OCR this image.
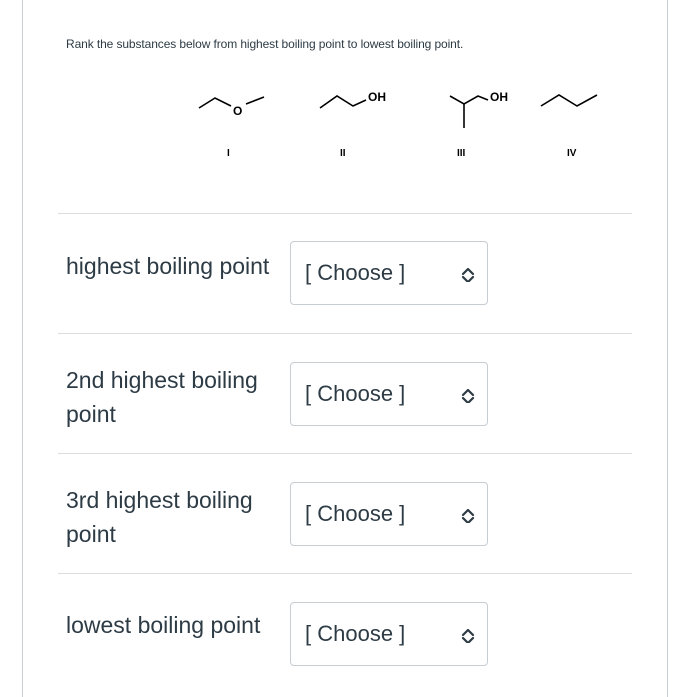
Rank the substances below from highest boiling point to lowest boiling point.
O
I
OH
II
OH
III	IV
highest boiling point [ Choose ]
2nd highest boiling
point
[ Choose ]
3rd highest boiling
point
[ Choose ]
lowest boiling point [ Choose ]
